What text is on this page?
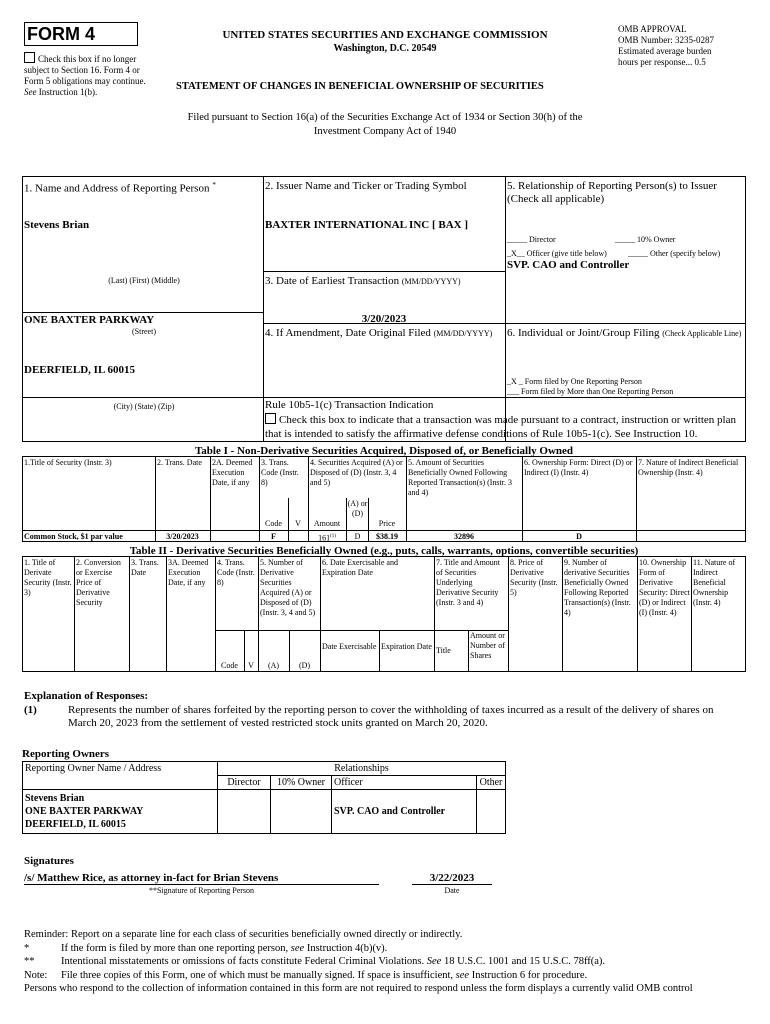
FORM 4
Check this box if no longer subject to Section 16. Form 4 or Form 5 obligations may continue. See Instruction 1(b).
UNITED STATES SECURITIES AND EXCHANGE COMMISSION
Washington, D.C. 20549
STATEMENT OF CHANGES IN BENEFICIAL OWNERSHIP OF SECURITIES
OMB APPROVAL
OMB Number: 3235-0287
Estimated average burden
hours per response... 0.5
Filed pursuant to Section 16(a) of the Securities Exchange Act of 1934 or Section 30(h) of the
Investment Company Act of 1940
1. Name and Address of Reporting Person *
Stevens Brian
(Last) (First) (Middle)
ONE BAXTER PARKWAY
(Street)
DEERFIELD, IL 60015
(City) (State) (Zip)
2. Issuer Name and Ticker or Trading Symbol
BAXTER INTERNATIONAL INC [ BAX ]
3. Date of Earliest Transaction (MM/DD/YYYY)
3/20/2023
4. If Amendment, Date Original Filed (MM/DD/YYYY)
5. Relationship of Reporting Person(s) to Issuer
(Check all applicable)
_____ Director	_____ 10% Owner
_X__ Officer (give title below)	_____ Other (specify below)
SVP. CAO and Controller
6. Individual or Joint/Group Filing (Check Applicable Line)
_X _ Form filed by One Reporting Person
___ Form filed by More than One Reporting Person
Rule 10b5-1(c) Transaction Indication
Check this box to indicate that a transaction was made pursuant to a contract, instruction or written plan that is intended to satisfy the affirmative defense conditions of Rule 10b5-1(c). See Instruction 10.
Table I - Non-Derivative Securities Acquired, Disposed of, or Beneficially Owned
1.Title of Security (Instr. 3)	2. Trans. Date	2A. Deemed Execution Date, if any
3. Trans. Code (Instr. 8)
4. Securities Acquired (A) or Disposed of (D) (Instr. 3, 4 and 5)
5. Amount of Securities Beneficially Owned Following Reported Transaction(s) (Instr. 3 and 4)
6. Ownership Form: Direct (D) or Indirect (I) (Instr. 4)
7. Nature of Indirect Beneficial Ownership (Instr. 4)
Code	V	Amount
(A) or (D)
Price
Common Stock, $1 par value	3/20/2023	F	161$^{(1)}$	D	$38.19	32896	D
Table II - Derivative Securities Beneficially Owned (e.g., puts, calls, warrants, options, convertible securities)
1. Title of Derivate Security (Instr. 3)
2. Conversion or Exercise Price of Derivative Security
3. Trans. Date
3A. Deemed Execution Date, if any
4. Trans. Code (Instr. 8)
5. Number of Derivative Securities Acquired (A) or Disposed of (D) (Instr. 3, 4 and 5)
6. Date Exercisable and Expiration Date
7. Title and Amount of Securities Underlying Derivative Security (Instr. 3 and 4)
8. Price of Derivative Security (Instr. 5)
9. Number of derivative Securities Beneficially Owned Following Reported Transaction(s) (Instr. 4)
10. Ownership Form of Derivative Security: Direct (D) or Indirect (I) (Instr. 4)
11. Nature of Indirect Beneficial Ownership (Instr. 4)
Code	V	(A)	(D)
Date Exercisable Expiration Date Title
Amount or Number of Shares
Explanation of Responses:
(1)	Represents the number of shares forfeited by the reporting person to cover the withholding of taxes incurred as a result of the delivery of shares on March 20, 2023 from the settlement of vested restricted stock units granted on March 20, 2020.
Reporting Owners
Reporting Owner Name / Address	Relationships			
	Director	10% Owner	Officer	Other

Stevens Brian
ONE BAXTER PARKWAY
DEERFIELD, IL 60015			SVP. CAO and Controller	
Signatures
/s/ Matthew Rice, as attorney in-fact for Brian Stevens
**Signature of Reporting Person
3/22/2023
Date
Reminder: Report on a separate line for each class of securities beneficially owned directly or indirectly.
*	If the form is filed by more than one reporting person, see Instruction 4(b)(v).
**	Intentional misstatements or omissions of facts constitute Federal Criminal Violations. See 18 U.S.C. 1001 and 15 U.S.C. 78ff(a).
Note: File three copies of this Form, one of which must be manually signed. If space is insufficient, see Instruction 6 for procedure.
Persons who respond to the collection of information contained in this form are not required to respond unless the form displays a currently valid OMB control
